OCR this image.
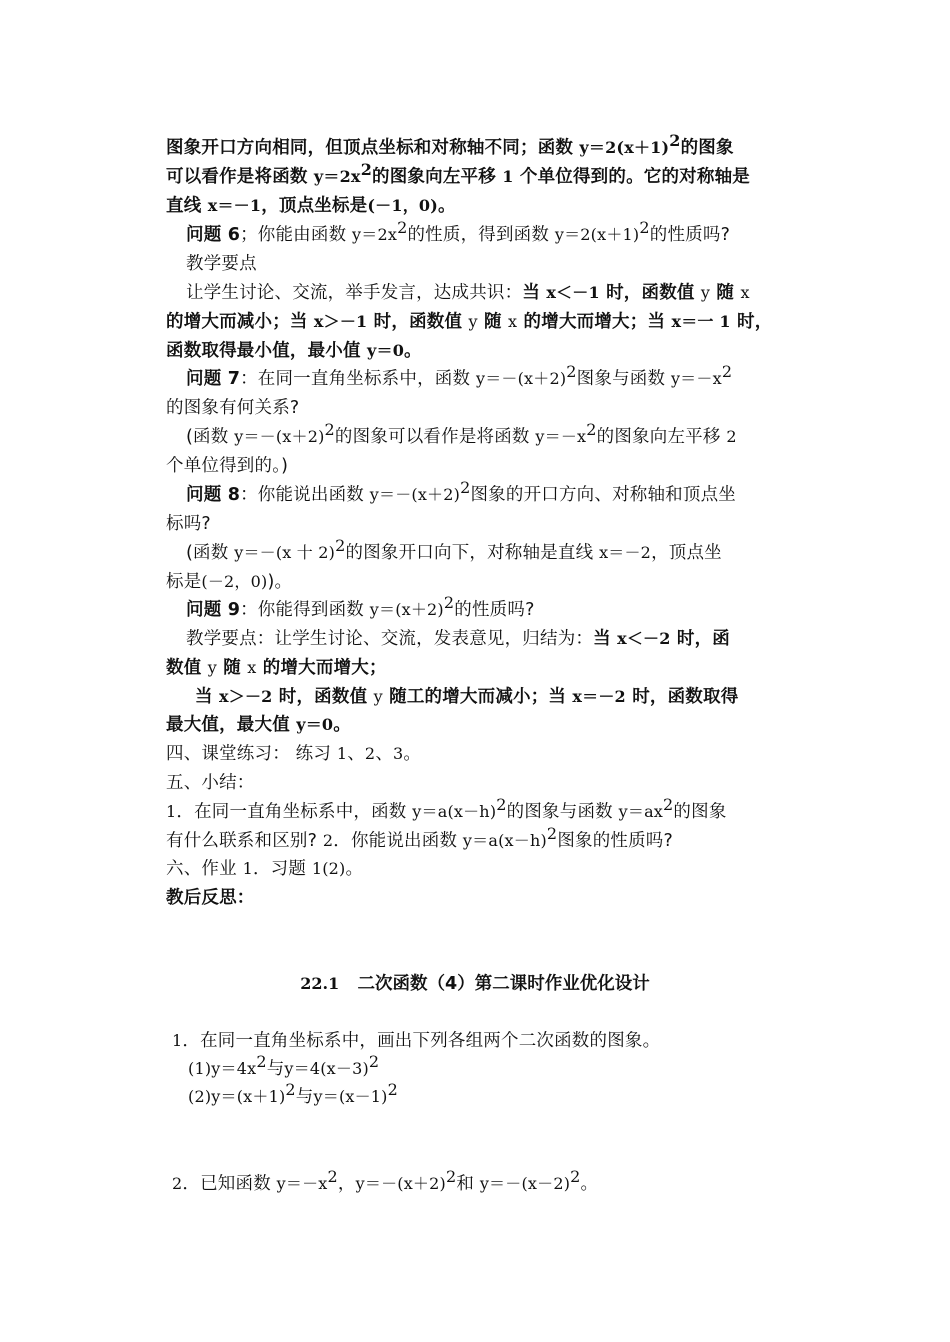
图象开口方向相同，但顶点坐标和对称轴不同；函数 $y=2(x+1)^2$的图象
可以看作是将函数 $y=2x^2$的图象向左平移 1 个单位得到的。它的对称轴是
直线 x＝－1，顶点坐标是(－1，0)。
问题 6；你能由函数 $y=2x^2$的性质，得到函数 $y=2(x+1)^2$的性质吗?
教学要点
让学生讨论、交流，举手发言，达成共识：当 x＜－1 时，函数值 y 随 x
的增大而减小；当 x＞－1 时，函数值 y 随 x 的增大而增大；当 x＝一 1 时，
函数取得最小值，最小值 y＝0。
问题 7：在同一直角坐标系中，函数 $y=-(x+2)^2$图象与函数 $y=-x^2$
的图象有何关系?
(函数 $y=-(x+2)^2$的图象可以看作是将函数 $y=-x^2$的图象向左平移 2
个单位得到的。)
问题 8：你能说出函数 $y=-(x+2)^2$图象的开口方向、对称轴和顶点坐
标吗?
(函数 y＝－(x 十 2)$^2$的图象开口向下，对称轴是直线 x＝－2，顶点坐
标是(－2，0))。
问题 9：你能得到函数 $y=(x+2)^2$的性质吗?
教学要点：让学生讨论、交流，发表意见，归结为：当 x＜－2 时，函
数值 y 随 x 的增大而增大；
当 x＞－2 时，函数值 y 随工的增大而减小；当 x＝－2 时，函数取得
最大值，最大值 y＝0。
四、课堂练习： 练习 1、2、3。
五、小结：
1．在同一直角坐标系中，函数 $y=a(x-h)^2$的图象与函数 $y=ax^2$的图象
有什么联系和区别? 2．你能说出函数 $y=a(x-h)^2$图象的性质吗?
六、作业 1．习题 1(2)。
教后反思：
22.1 二次函数（4）第二课时作业优化设计
1．在同一直角坐标系中，画出下列各组两个二次函数的图象。
$(1)y=4x^2$与$y=4(x-3)^2$
$(2)y=(x+1)^2$与$y=(x-1)^2$
2．已知函数 $y=-x^2$，$y=-(x+2)^2$和 $y=-(x-2)^2$。
